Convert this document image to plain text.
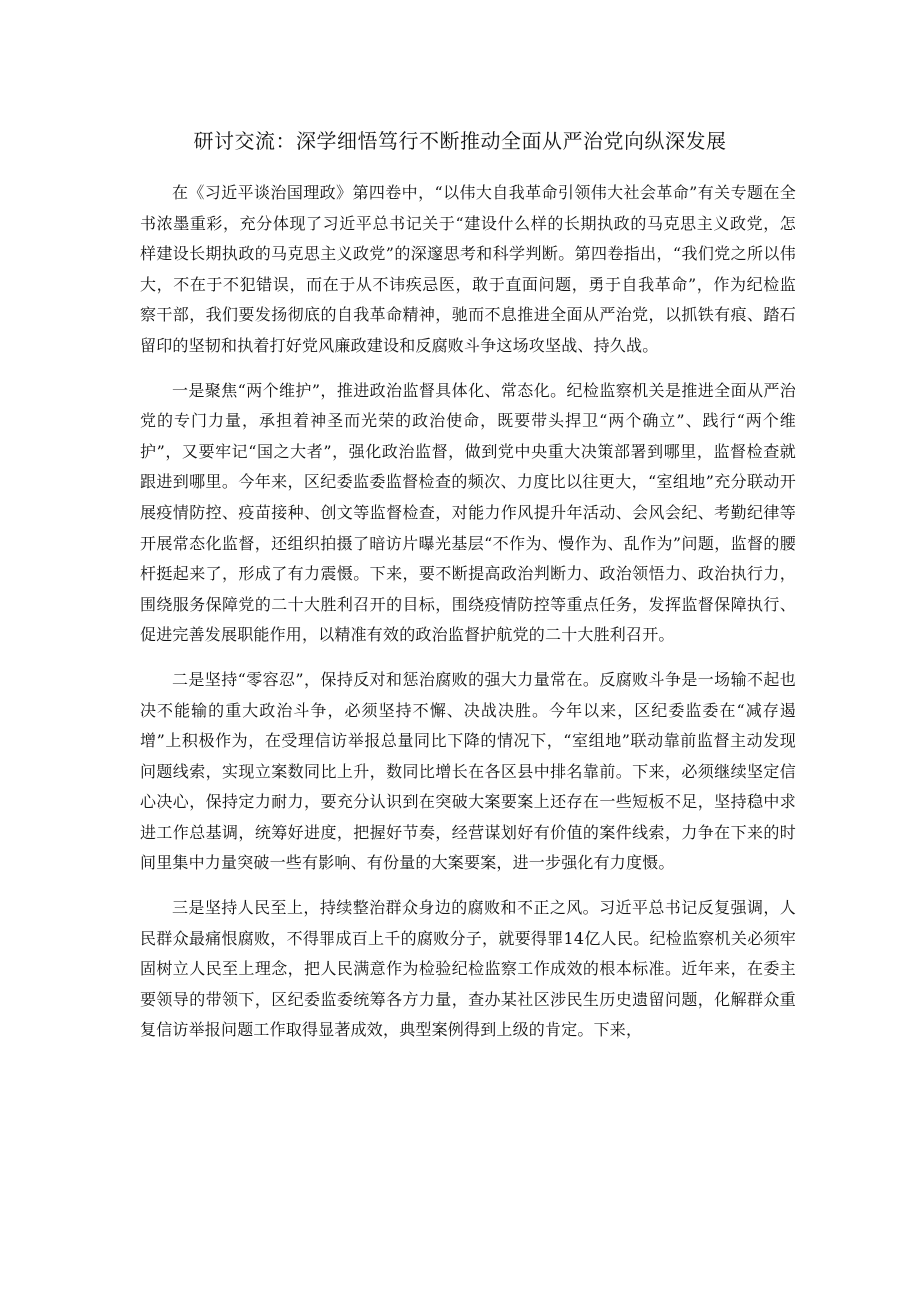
研讨交流：深学细悟笃行不断推动全面从严治党向纵深发展

在《习近平谈治国理政》第四卷中，“以伟大自我革命引领伟大社会革命”有关专题在全书浓墨重彩，充分体现了习近平总书记关于“建设什么样的长期执政的马克思主义政党，怎样建设长期执政的马克思主义政党”的深邃思考和科学判断。第四卷指出，“我们党之所以伟大，不在于不犯错误，而在于从不讳疾忌医，敢于直面问题，勇于自我革命”，作为纪检监察干部，我们要发扬彻底的自我革命精神，驰而不息推进全面从严治党，以抓铁有痕、踏石留印的坚韧和执着打好党风廉政建设和反腐败斗争这场攻坚战、持久战。

一是聚焦“两个维护”，推进政治监督具体化、常态化。纪检监察机关是推进全面从严治党的专门力量，承担着神圣而光荣的政治使命，既要带头捍卫“两个确立”、践行“两个维护”，又要牢记“国之大者”，强化政治监督，做到党中央重大决策部署到哪里，监督检查就跟进到哪里。今年来，区纪委监委监督检查的频次、力度比以往更大，“室组地”充分联动开展疫情防控、疫苗接种、创文等监督检查，对能力作风提升年活动、会风会纪、考勤纪律等开展常态化监督，还组织拍摄了暗访片曝光基层“不作为、慢作为、乱作为”问题，监督的腰杆挺起来了，形成了有力震慑。下来，要不断提高政治判断力、政治领悟力、政治执行力，围绕服务保障党的二十大胜利召开的目标，围绕疫情防控等重点任务，发挥监督保障执行、促进完善发展职能作用，以精准有效的政治监督护航党的二十大胜利召开。

二是坚持“零容忍”，保持反对和惩治腐败的强大力量常在。反腐败斗争是一场输不起也决不能输的重大政治斗争，必须坚持不懈、决战决胜。今年以来，区纪委监委在“减存遏增”上积极作为，在受理信访举报总量同比下降的情况下，“室组地”联动靠前监督主动发现问题线索，实现立案数同比上升，数同比增长在各区县中排名靠前。下来，必须继续坚定信心决心，保持定力耐力，要充分认识到在突破大案要案上还存在一些短板不足，坚持稳中求进工作总基调，统筹好进度，把握好节奏，经营谋划好有价值的案件线索，力争在下来的时间里集中力量突破一些有影响、有份量的大案要案，进一步强化有力度慑。

三是坚持人民至上，持续整治群众身边的腐败和不正之风。习近平总书记反复强调，人民群众最痛恨腐败，不得罪成百上千的腐败分子，就要得罪14亿人民。纪检监察机关必须牢固树立人民至上理念，把人民满意作为检验纪检监察工作成效的根本标准。近年来，在委主要领导的带领下，区纪委监委统筹各方力量，查办某社区涉民生历史遗留问题，化解群众重复信访举报问题工作取得显著成效，典型案例得到上级的肯定。下来，
